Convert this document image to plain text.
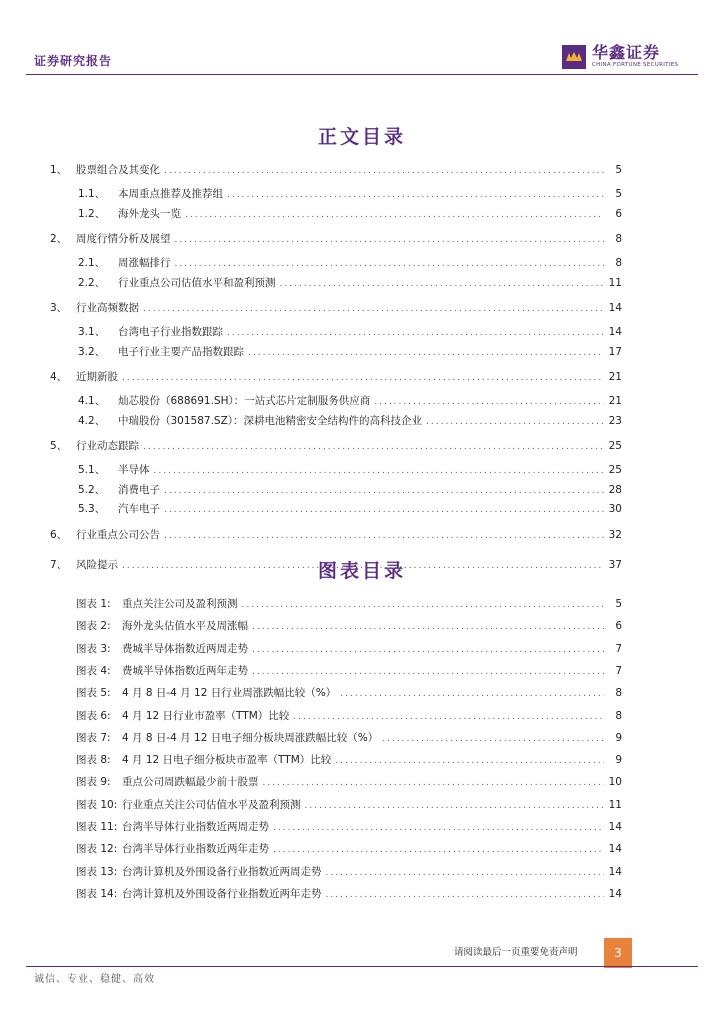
证券研究报告	华鑫证券
CHINA FORTUNE SECURITIES
正文目录
1、 股票组合及其变化 .....	5
1.1、	本周重点推荐及推荐组 .....	5
1.2、	海外龙头一览 .....	6
2、 周度行情分析及展望 .....	8
2.1、	周涨幅排行 .....	8
2.2、	行业重点公司估值水平和盈利预测 .....	11
3、 行业高频数据 .....	14
3.1、	台湾电子行业指数跟踪 .....	14
3.2、	电子行业主要产品指数跟踪 .....	17
4、 近期新股 .....	21
4.1、	灿芯股份（688691.SH）：一站式芯片定制服务供应商 .....	21
4.2、	中瑞股份（301587.SZ）：深耕电池精密安全结构件的高科技企业 .....	23
5、 行业动态跟踪 .....	25
5.1、	半导体 .....	25
5.2、	消费电子 .....	28
5.3、	汽车电子 .....	30
6、 行业重点公司公告 .....	32
7、 风险提示 .....	37
图表目录
图表 1:	重点关注公司及盈利预测 .....	5
图表 2:	海外龙头估值水平及周涨幅 .....	6
图表 3:	费城半导体指数近两周走势 .....	7
图表 4:	费城半导体指数近两年走势 .....	7
图表 5:	4 月 8 日-4 月 12 日行业周涨跌幅比较（%） .....	8
图表 6:	4 月 12 日行业市盈率（TTM）比较 .....	8
图表 7:	4 月 8 日-4 月 12 日电子细分板块周涨跌幅比较（%） .....	9
图表 8:	4 月 12 日电子细分板块市盈率（TTM）比较 .....	9
图表 9:	重点公司周跌幅最少前十股票 .....	10
图表 10: 行业重点关注公司估值水平及盈利预测 .....	11
图表 11: 台湾半导体行业指数近两周走势 .....	14
图表 12: 台湾半导体行业指数近两年走势 .....	14
图表 13: 台湾计算机及外围设备行业指数近两周走势 .....	14
图表 14: 台湾计算机及外围设备行业指数近两年走势 .....	14
请阅读最后一页重要免责声明	3
诚信、专业、稳健、高效
